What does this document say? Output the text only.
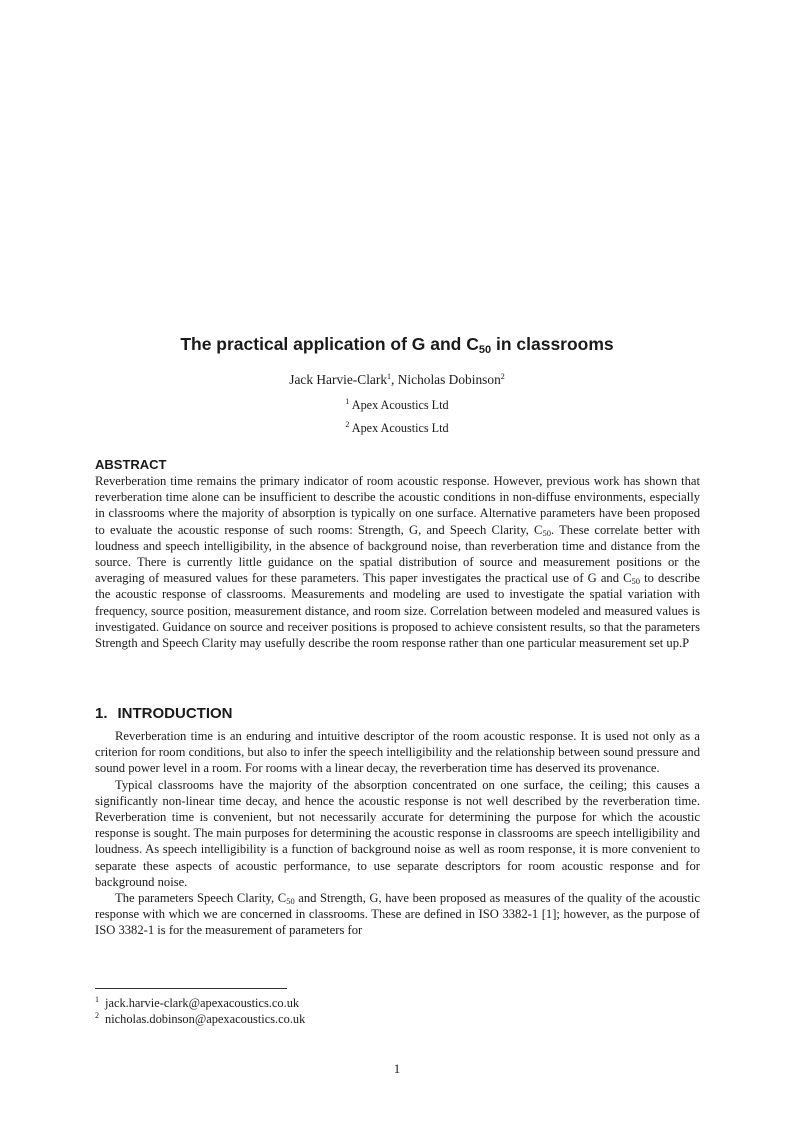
The practical application of G and $C_{50}$ in classrooms
Jack Harvie-Clark$^1$, Nicholas Dobinson$^2$
$^1$ Apex Acoustics Ltd
$^2$ Apex Acoustics Ltd
ABSTRACT

Reverberation time remains the primary indicator of room acoustic response. However, previous work has shown that reverberation time alone can be insufficient to describe the acoustic conditions in non-diffuse environments, especially in classrooms where the majority of absorption is typically on one surface. Alternative parameters have been proposed to evaluate the acoustic response of such rooms: Strength, G, and Speech Clarity, $C_{50}$. These correlate better with loudness and speech intelligibility, in the absence of background noise, than reverberation time and distance from the source. There is currently little guidance on the spatial distribution of source and measurement positions or the averaging of measured values for these parameters. This paper investigates the practical use of G and $C_{50}$ to describe the acoustic response of classrooms. Measurements and modeling are used to investigate the spatial variation with frequency, source position, measurement distance, and room size. Correlation between modeled and measured values is investigated. Guidance on source and receiver positions is proposed to achieve consistent results, so that the parameters Strength and Speech Clarity may usefully describe the room response rather than one particular measurement set up.P

1. INTRODUCTION

Reverberation time is an enduring and intuitive descriptor of the room acoustic response. It is used not only as a criterion for room conditions, but also to infer the speech intelligibility and the relationship between sound pressure and sound power level in a room. For rooms with a linear decay, the reverberation time has deserved its provenance.

Typical classrooms have the majority of the absorption concentrated on one surface, the ceiling; this causes a significantly non-linear time decay, and hence the acoustic response is not well described by the reverberation time. Reverberation time is convenient, but not necessarily accurate for determining the purpose for which the acoustic response is sought. The main purposes for determining the acoustic response in classrooms are speech intelligibility and loudness. As speech intelligibility is a function of background noise as well as room response, it is more convenient to separate these aspects of acoustic performance, to use separate descriptors for room acoustic response and for background noise.

The parameters Speech Clarity, $C_{50}$ and Strength, G, have been proposed as measures of the quality of the acoustic response with which we are concerned in classrooms. These are defined in ISO 3382-1 [1]; however, as the purpose of ISO 3382-1 is for the measurement of parameters for

$^1$ jack.harvie-clark@apexacoustics.co.uk

$^2$ nicholas.dobinson@apexacoustics.co.uk

1
